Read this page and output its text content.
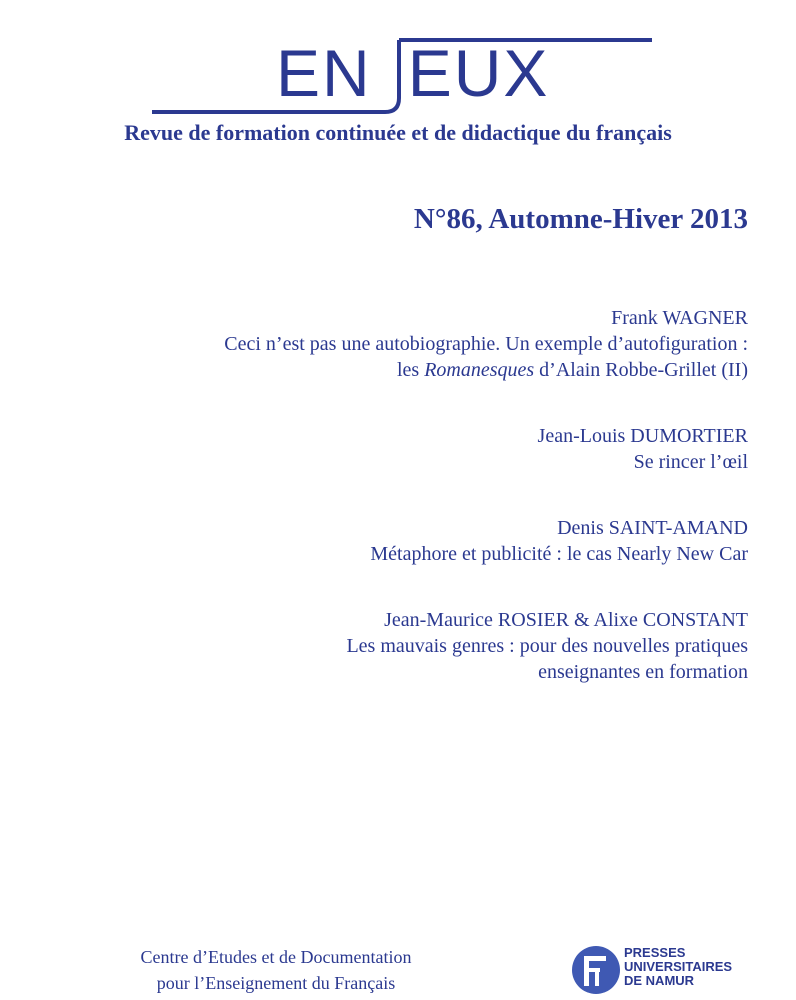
EN EUX
Revue de formation continuée et de didactique du français
N°86, Automne-Hiver 2013
Frank WAGNER
Ceci n’est pas une autobiographie. Un exemple d’autofiguration :
les Romanesques d’Alain Robbe-Grillet (II)
Jean-Louis DUMORTIER
Se rincer l’œil
Denis SAINT-AMAND
Métaphore et publicité : le cas Nearly New Car
Jean-Maurice ROSIER & Alixe CONSTANT
Les mauvais genres : pour des nouvelles pratiques
enseignantes en formation
Centre d’Etudes et de Documentation
pour l’Enseignement du Français
PRESSES
UNIVERSITAIRES
DE NAMUR
